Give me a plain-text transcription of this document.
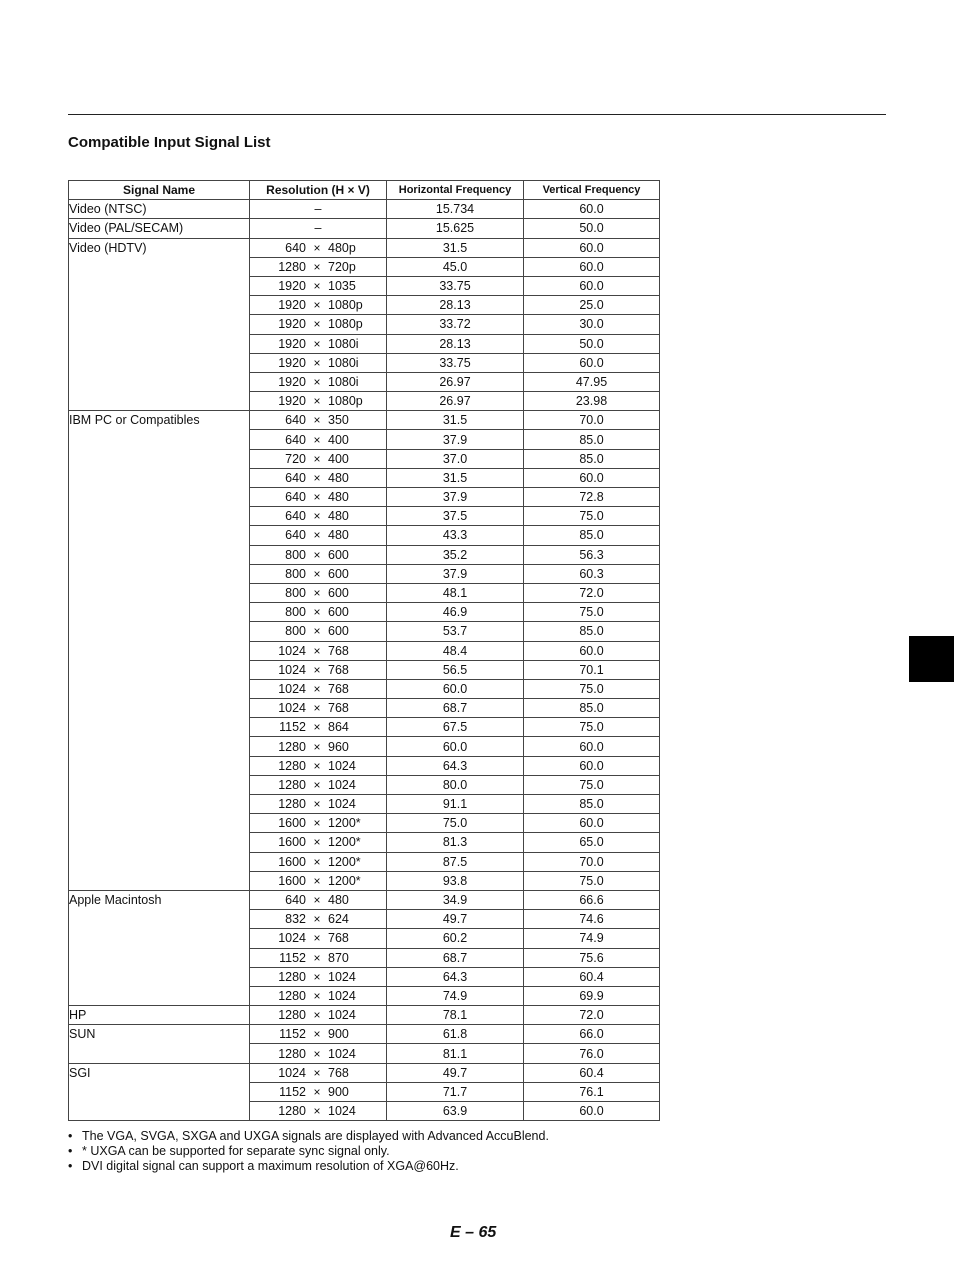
Compatible Input Signal List
Signal Name	Resolution (H × V)	Horizontal Frequency	Vertical Frequency
Video (NTSC)	–	15.734	60.0
Video (PAL/SECAM)	–	15.625	50.0
Video (HDTV)	640 × 480p	31.5	60.0
	1280 × 720p	45.0	60.0
	1920 × 1035	33.75	60.0
	1920 × 1080p	28.13	25.0
	1920 × 1080p	33.72	30.0
	1920 × 1080i	28.13	50.0
	1920 × 1080i	33.75	60.0
	1920 × 1080i	26.97	47.95
	1920 × 1080p	26.97	23.98
IBM PC or Compatibles	640 × 350	31.5	70.0
	640 × 400	37.9	85.0
	720 × 400	37.0	85.0
	640 × 480	31.5	60.0
	640 × 480	37.9	72.8
	640 × 480	37.5	75.0
	640 × 480	43.3	85.0
	800 × 600	35.2	56.3
	800 × 600	37.9	60.3
	800 × 600	48.1	72.0
	800 × 600	46.9	75.0
	800 × 600	53.7	85.0
	1024 × 768	48.4	60.0
	1024 × 768	56.5	70.1
	1024 × 768	60.0	75.0
	1024 × 768	68.7	85.0
	1152 × 864	67.5	75.0
	1280 × 960	60.0	60.0
	1280 × 1024	64.3	60.0
	1280 × 1024	80.0	75.0
	1280 × 1024	91.1	85.0
	1600 × 1200*	75.0	60.0
	1600 × 1200*	81.3	65.0
	1600 × 1200*	87.5	70.0
	1600 × 1200*	93.8	75.0
Apple Macintosh	640 × 480	34.9	66.6
	832 × 624	49.7	74.6
	1024 × 768	60.2	74.9
	1152 × 870	68.7	75.6
	1280 × 1024	64.3	60.4
	1280 × 1024	74.9	69.9
HP	1280 × 1024	78.1	72.0
SUN	1152 × 900	61.8	66.0
	1280 × 1024	81.1	76.0
SGI	1024 × 768	49.7	60.4
	1152 × 900	71.7	76.1
	1280 × 1024	63.9	60.0
• The VGA, SVGA, SXGA and UXGA signals are displayed with Advanced AccuBlend.
• * UXGA can be supported for separate sync signal only.
• DVI digital signal can support a maximum resolution of XGA@60Hz.

E – 65
